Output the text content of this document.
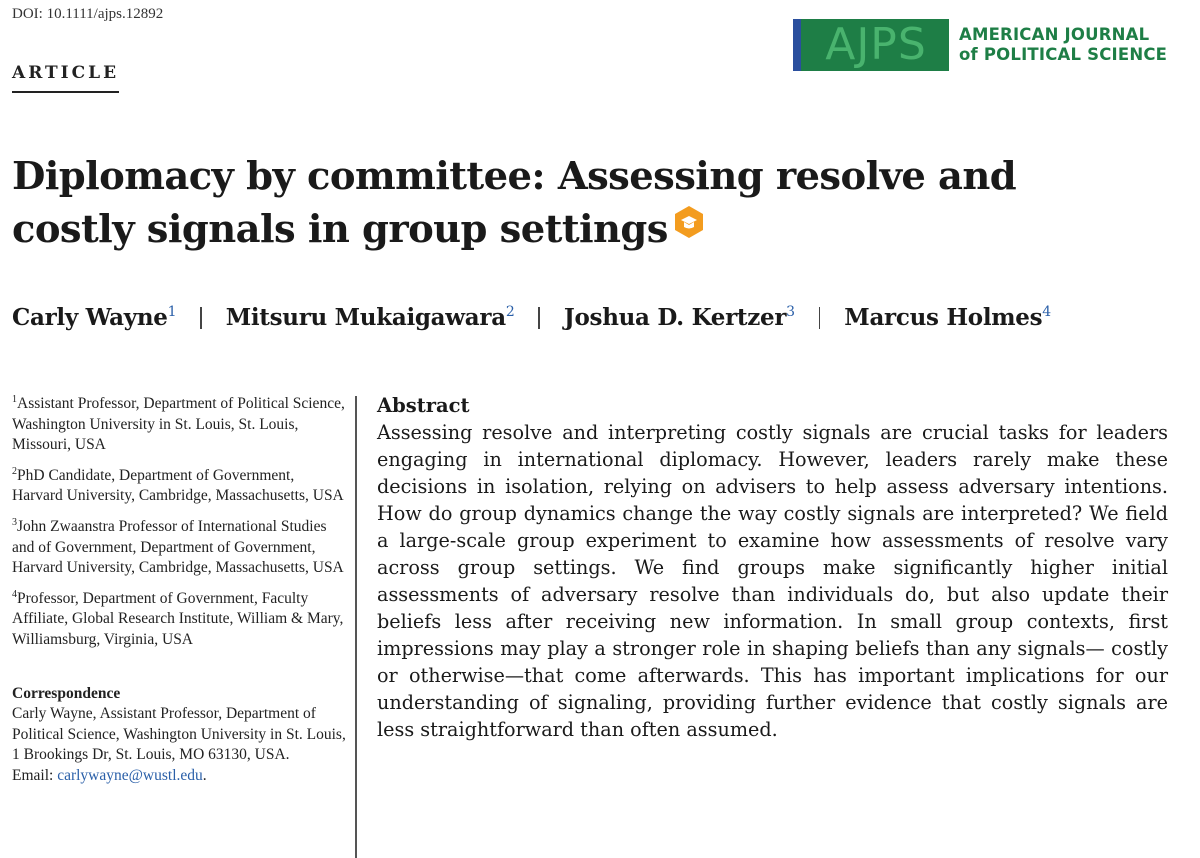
DOI: 10.1111/ajps.12892
ARTICLE
AJPS AMERICAN JOURNAL
of POLITICAL SCIENCE
Diplomacy by committee: Assessing resolve and costly signals in group settings
Carly Wayne$^1$ Mitsuru Mukaigawara$^2$ Joshua D. Kertzer$^3$ Marcus Holmes$^4$
$^1$Assistant Professor, Department of Political Science, Washington University in St. Louis, St. Louis, Missouri, USA
$^2$PhD Candidate, Department of Government, Harvard University, Cambridge, Massachusetts, USA
$^3$John Zwaanstra Professor of International Studies and of Government, Department of Government, Harvard University, Cambridge, Massachusetts, USA
$^4$Professor, Department of Government, Faculty Affiliate, Global Research Institute, William & Mary, Williamsburg, Virginia, USA
Correspondence
Carly Wayne, Assistant Professor, Department of Political Science, Washington University in St. Louis, 1 Brookings Dr, St. Louis, MO 63130, USA.
Email: carlywayne@wustl.edu.
Abstract

Assessing resolve and interpreting costly signals are crucial tasks for leaders engaging in international diplomacy. However, leaders rarely make these decisions in isolation, relying on advisers to help assess adversary intentions. How do group dynamics change the way costly signals are interpreted? We field a large-scale group experiment to examine how assessments of resolve vary across group settings. We find groups make significantly higher initial assessments of adversary resolve than individuals do, but also update their beliefs less after receiving new information. In small group contexts, first impressions may play a stronger role in shaping beliefs than any signals— costly or otherwise—that come afterwards. This has important implications for our understanding of signaling, providing further evidence that costly signals are less straightforward than often assumed.
